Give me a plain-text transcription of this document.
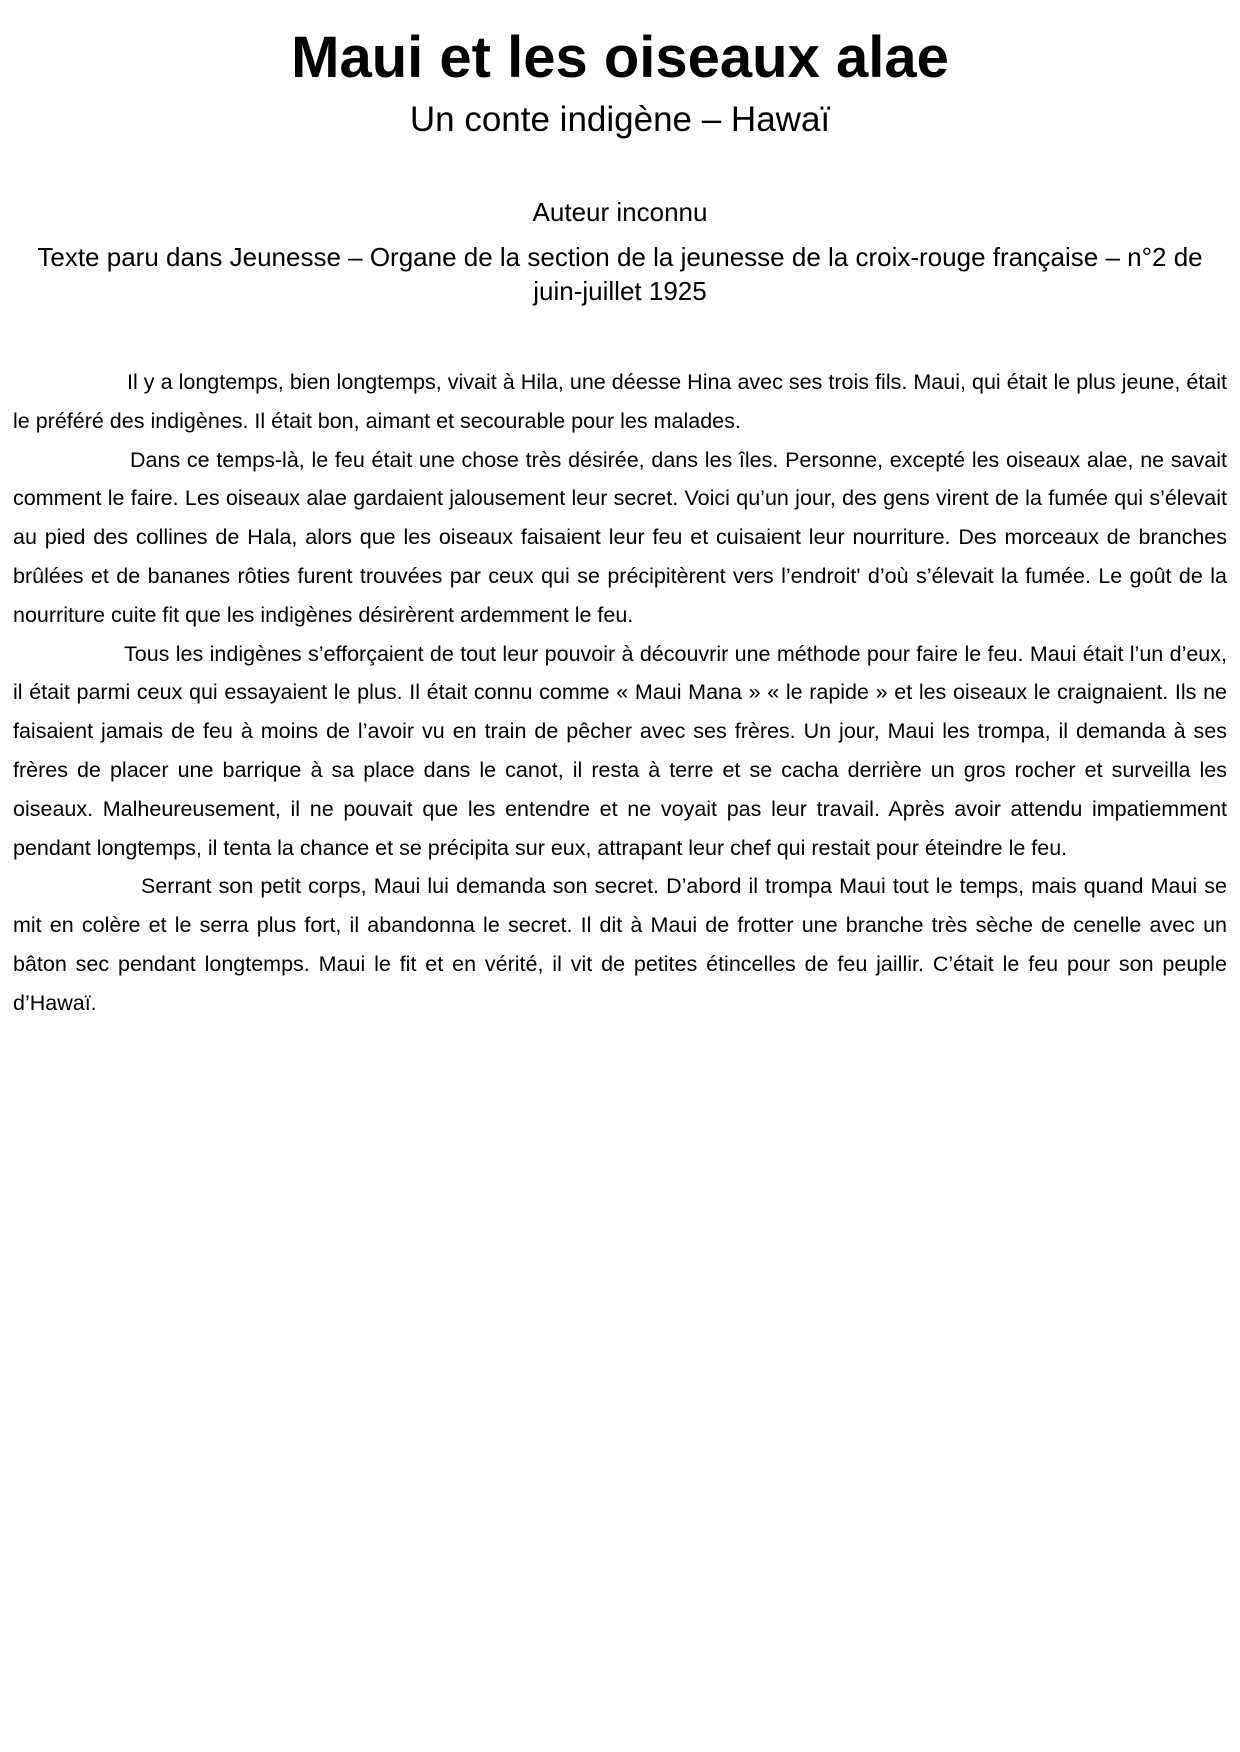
Maui et les oiseaux alae
Un conte indigène – Hawaï

Auteur inconnu

Texte paru dans Jeunesse – Organe de la section de la jeunesse de la croix-rouge française – n°2 de juin-juillet 1925

Il y a longtemps, bien longtemps, vivait à Hila, une déesse Hina avec ses trois fils. Maui, qui était le plus jeune, était le préféré des indigènes. Il était bon, aimant et secourable pour les malades.

Dans ce temps-là, le feu était une chose très désirée, dans les îles. Personne, excepté les oiseaux alae, ne savait comment le faire. Les oiseaux alae gardaient jalousement leur secret. Voici qu’un jour, des gens virent de la fumée qui s’élevait au pied des collines de Hala, alors que les oiseaux faisaient leur feu et cuisaient leur nourriture. Des morceaux de branches brûlées et de bananes rôties furent trouvées par ceux qui se précipitèrent vers l’endroit' d’où s’élevait la fumée. Le goût de la nourriture cuite fit que les indigènes désirèrent ardemment le feu.

Tous les indigènes s’efforçaient de tout leur pouvoir à découvrir une méthode pour faire le feu. Maui était l’un d’eux, il était parmi ceux qui essayaient le plus. Il était connu comme « Maui Mana » « le rapide » et les oiseaux le craignaient. Ils ne faisaient jamais de feu à moins de l’avoir vu en train de pêcher avec ses frères. Un jour, Maui les trompa, il demanda à ses frères de placer une barrique à sa place dans le canot, il resta à terre et se cacha derrière un gros rocher et surveilla les oiseaux. Malheureusement, il ne pouvait que les entendre et ne voyait pas leur travail. Après avoir attendu impatiemment pendant longtemps, il tenta la chance et se précipita sur eux, attrapant leur chef qui restait pour éteindre le feu.

Serrant son petit corps, Maui lui demanda son secret. D’abord il trompa Maui tout le temps, mais quand Maui se mit en colère et le serra plus fort, il abandonna le secret. Il dit à Maui de frotter une branche très sèche de cenelle avec un bâton sec pendant longtemps. Maui le fit et en vérité, il vit de petites étincelles de feu jaillir. C’était le feu pour son peuple d’Hawaï.
